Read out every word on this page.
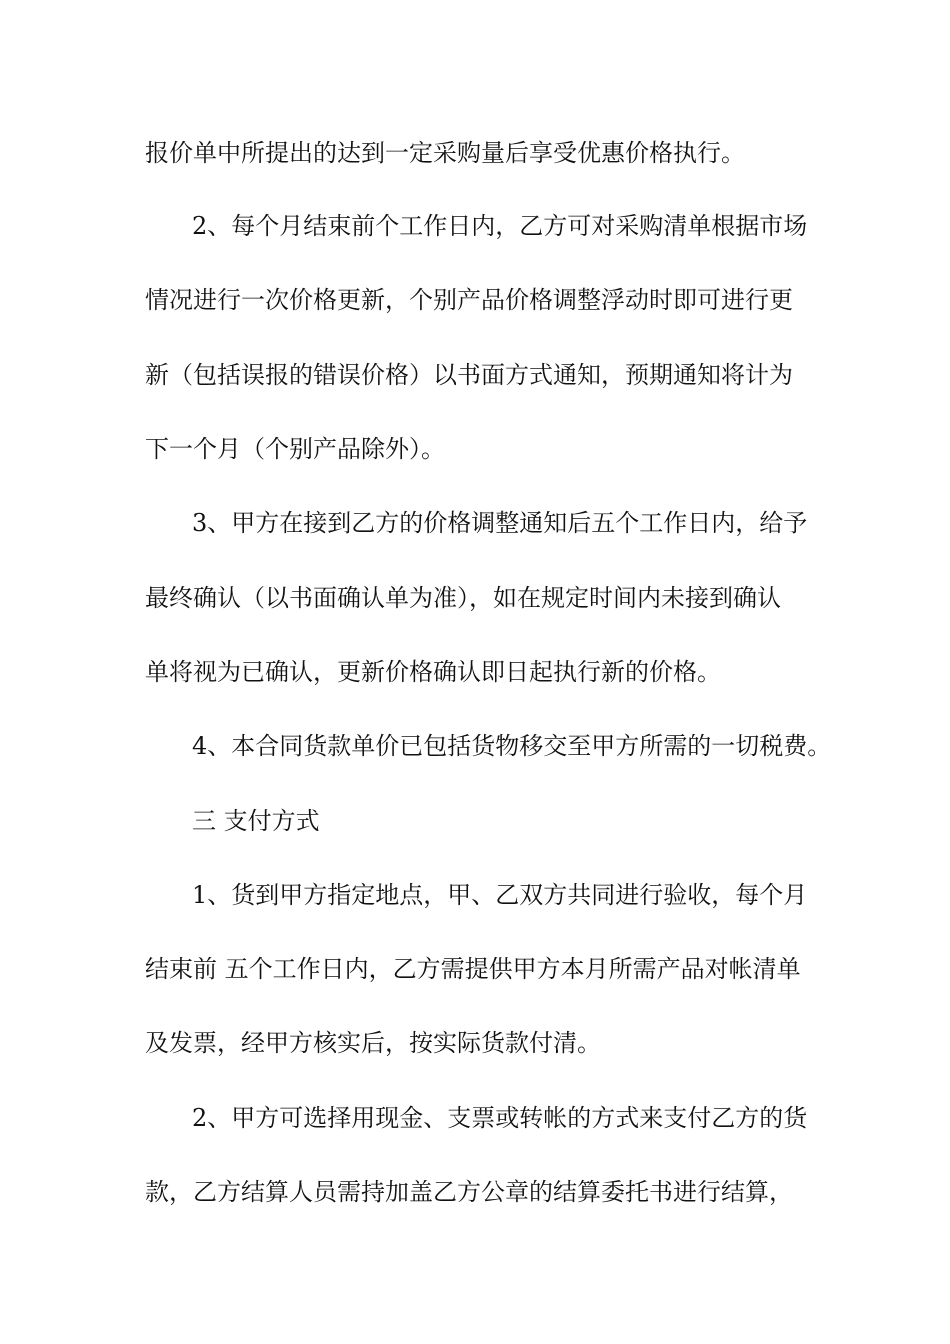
报价单中所提出的达到一定采购量后享受优惠价格执行。
2、每个月结束前个工作日内，乙方可对采购清单根据市场
情况进行一次价格更新，个别产品价格调整浮动时即可进行更
新（包括误报的错误价格）以书面方式通知，预期通知将计为
下一个月（个别产品除外）。
3、甲方在接到乙方的价格调整通知后五个工作日内，给予
最终确认（以书面确认单为准），如在规定时间内未接到确认
单将视为已确认，更新价格确认即日起执行新的价格。
4、本合同货款单价已包括货物移交至甲方所需的一切税费。
三 支付方式
1、货到甲方指定地点，甲、乙双方共同进行验收，每个月
结束前 五个工作日内，乙方需提供甲方本月所需产品对帐清单
及发票，经甲方核实后，按实际货款付清。
2、甲方可选择用现金、支票或转帐的方式来支付乙方的货
款，乙方结算人员需持加盖乙方公章的结算委托书进行结算，
